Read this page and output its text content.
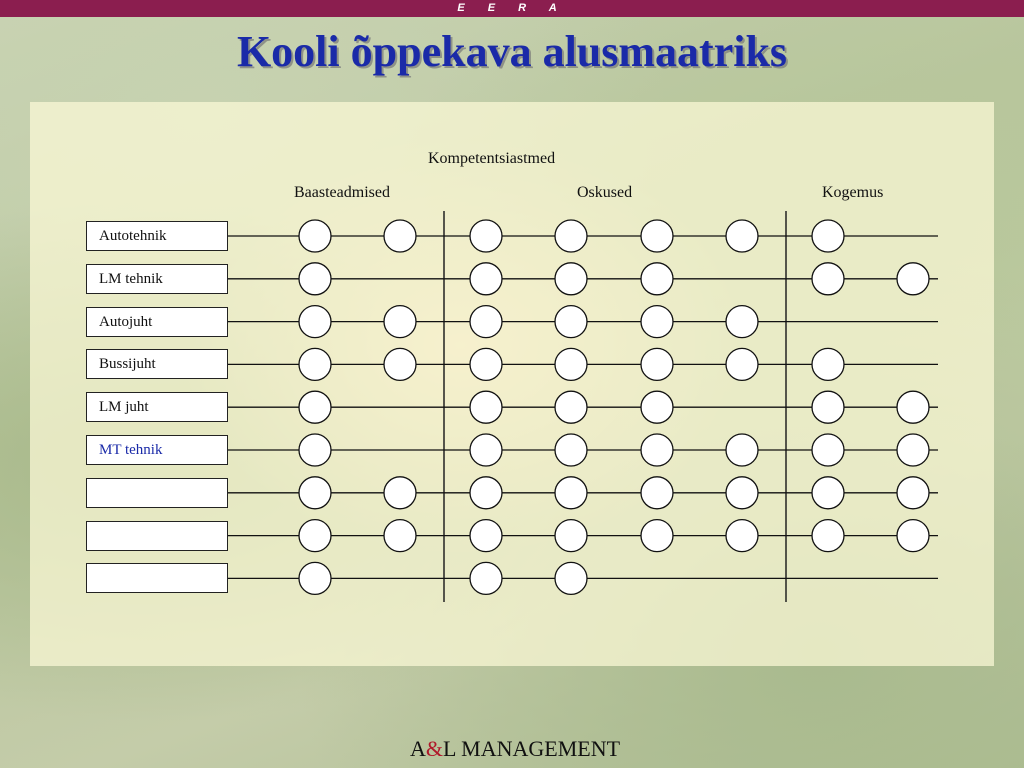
E E R A
Kooli õppekava alusmaatriks
Kompetentsiastmed
Baasteadmised	Oskused	Kogemus
Autotehnik
LM tehnik
Autojuht
Bussijuht
LM juht
MT tehnik
A&L MANAGEMENT
